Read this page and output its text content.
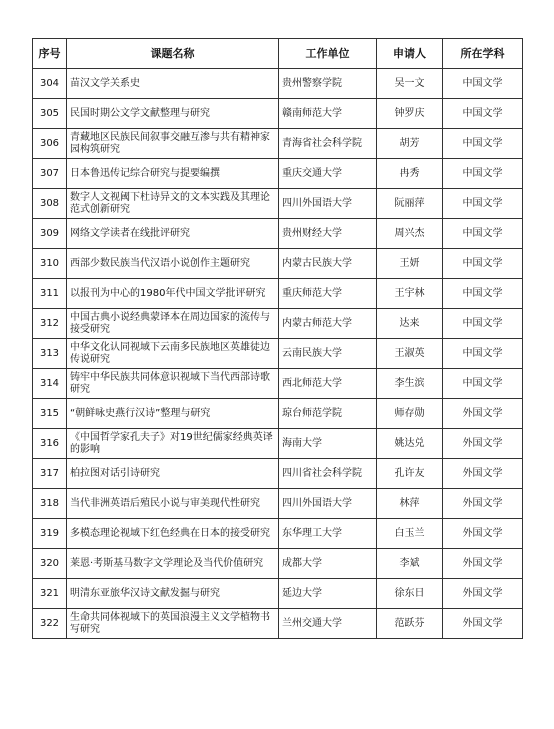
序号	课题名称	工作单位	申请人	所在学科
304	苗汉文学关系史	贵州警察学院	吴一文	中国文学
305	民国时期公文学文献整理与研究	赣南师范大学	钟罗庆	中国文学
306	青藏地区民族民间叙事交融互渗与共有精神家园构筑研究	青海省社会科学院	胡芳	中国文学
307	日本鲁迅传记综合研究与提要编撰	重庆交通大学	冉秀	中国文学
308	数字人文视阈下杜诗异文的文本实践及其理论范式创新研究	四川外国语大学	阮丽萍	中国文学
309	网络文学读者在线批评研究	贵州财经大学	周兴杰	中国文学
310	西部少数民族当代汉语小说创作主题研究	内蒙古民族大学	王妍	中国文学
311	以报刊为中心的1980年代中国文学批评研究	重庆师范大学	王宇林	中国文学
312	中国古典小说经典蒙译本在周边国家的流传与接受研究	内蒙古师范大学	达来	中国文学
313	中华文化认同视域下云南多民族地区英雄徒边传说研究	云南民族大学	王淑英	中国文学
314	铸牢中华民族共同体意识视域下当代西部诗歌研究	西北师范大学	李生滨	中国文学
315	“朝鲜咏史燕行汉诗”整理与研究	琼台师范学院	师存勋	外国文学
316	《中国哲学家孔夫子》对19世纪儒家经典英译的影响	海南大学	姚达兑	外国文学
317	柏拉图对话引诗研究	四川省社会科学院	孔许友	外国文学
318	当代非洲英语后殖民小说与审美现代性研究	四川外国语大学	林萍	外国文学
319	多模态理论视域下红色经典在日本的接受研究	东华理工大学	白玉兰	外国文学
320	莱恩·考斯基马数字文学理论及当代价值研究	成都大学	李斌	外国文学
321	明清东亚旅华汉诗文献发掘与研究	延边大学	徐东日	外国文学
322	生命共同体视域下的英国浪漫主义文学植物书写研究	兰州交通大学	范跃芬	外国文学
